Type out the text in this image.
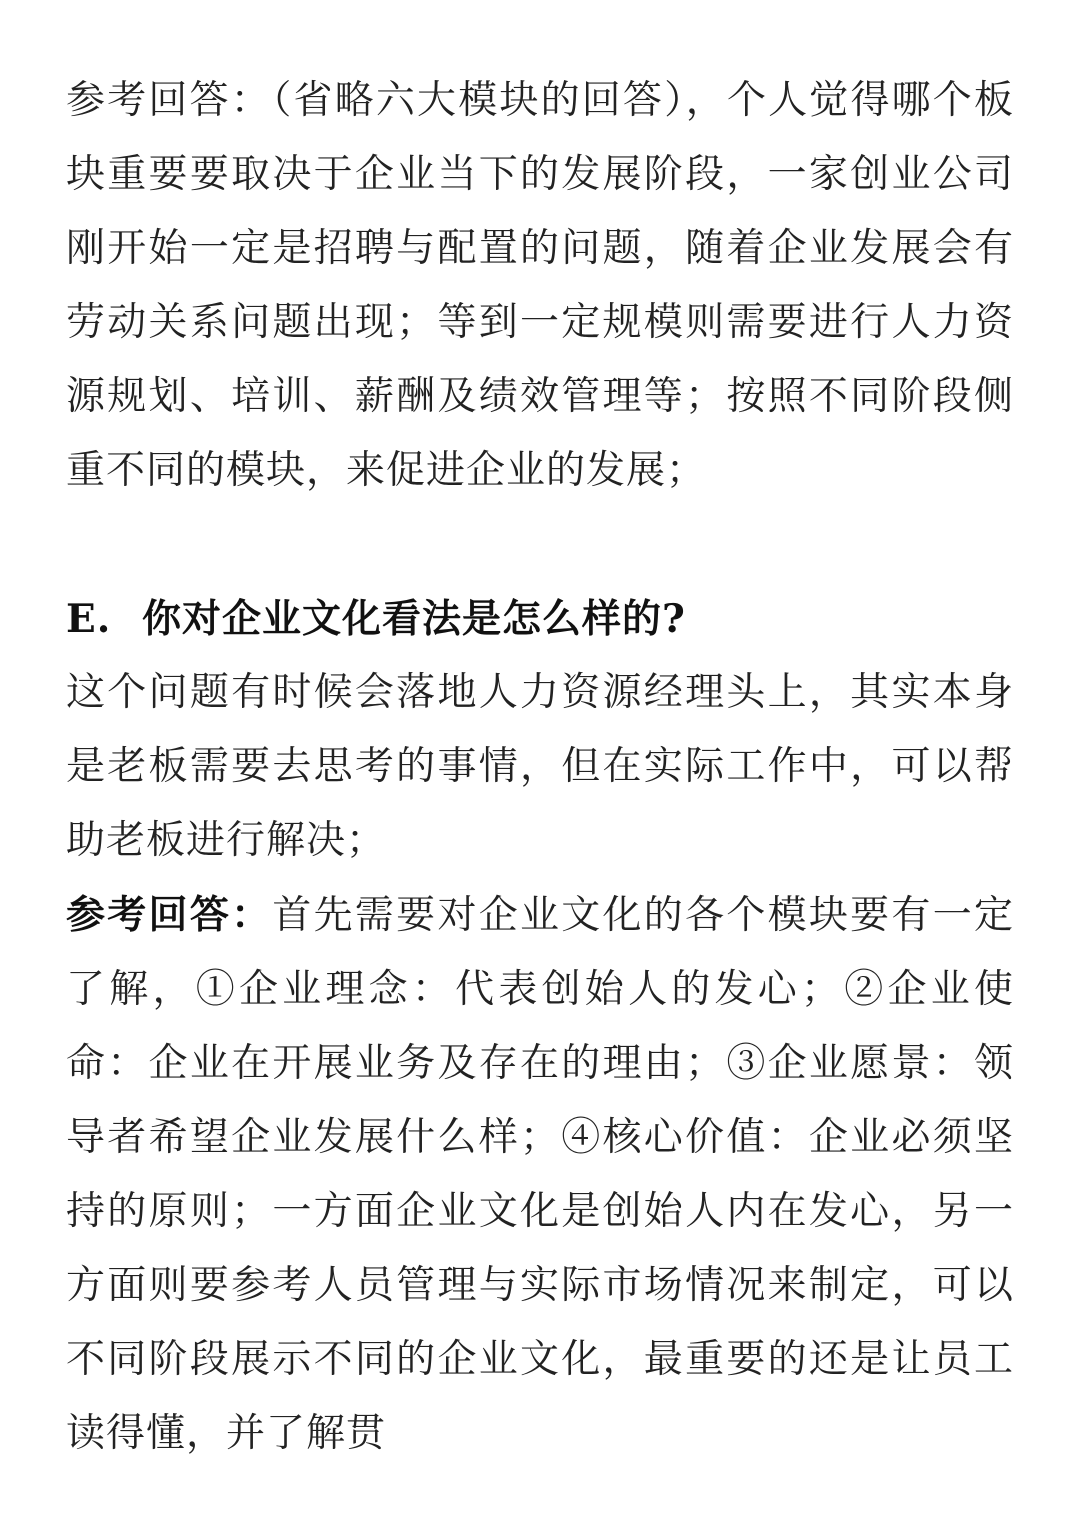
参考回答：（省略六大模块的回答），个人觉得哪个板块重要要取决于企业当下的发展阶段，一家创业公司刚开始一定是招聘与配置的问题，随着企业发展会有劳动关系问题出现；等到一定规模则需要进行人力资源规划、培训、薪酬及绩效管理等；按照不同阶段侧重不同的模块，来促进企业的发展；

E. 你对企业文化看法是怎么样的?

这个问题有时候会落地人力资源经理头上，其实本身是老板需要去思考的事情，但在实际工作中，可以帮助老板进行解决；

参考回答：首先需要对企业文化的各个模块要有一定了解，①企业理念：代表创始人的发心；②企业使命：企业在开展业务及存在的理由；③企业愿景：领导者希望企业发展什么样；④核心价值：企业必须坚持的原则；一方面企业文化是创始人内在发心，另一方面则要参考人员管理与实际市场情况来制定，可以不同阶段展示不同的企业文化，最重要的还是让员工读得懂，并了解贯
